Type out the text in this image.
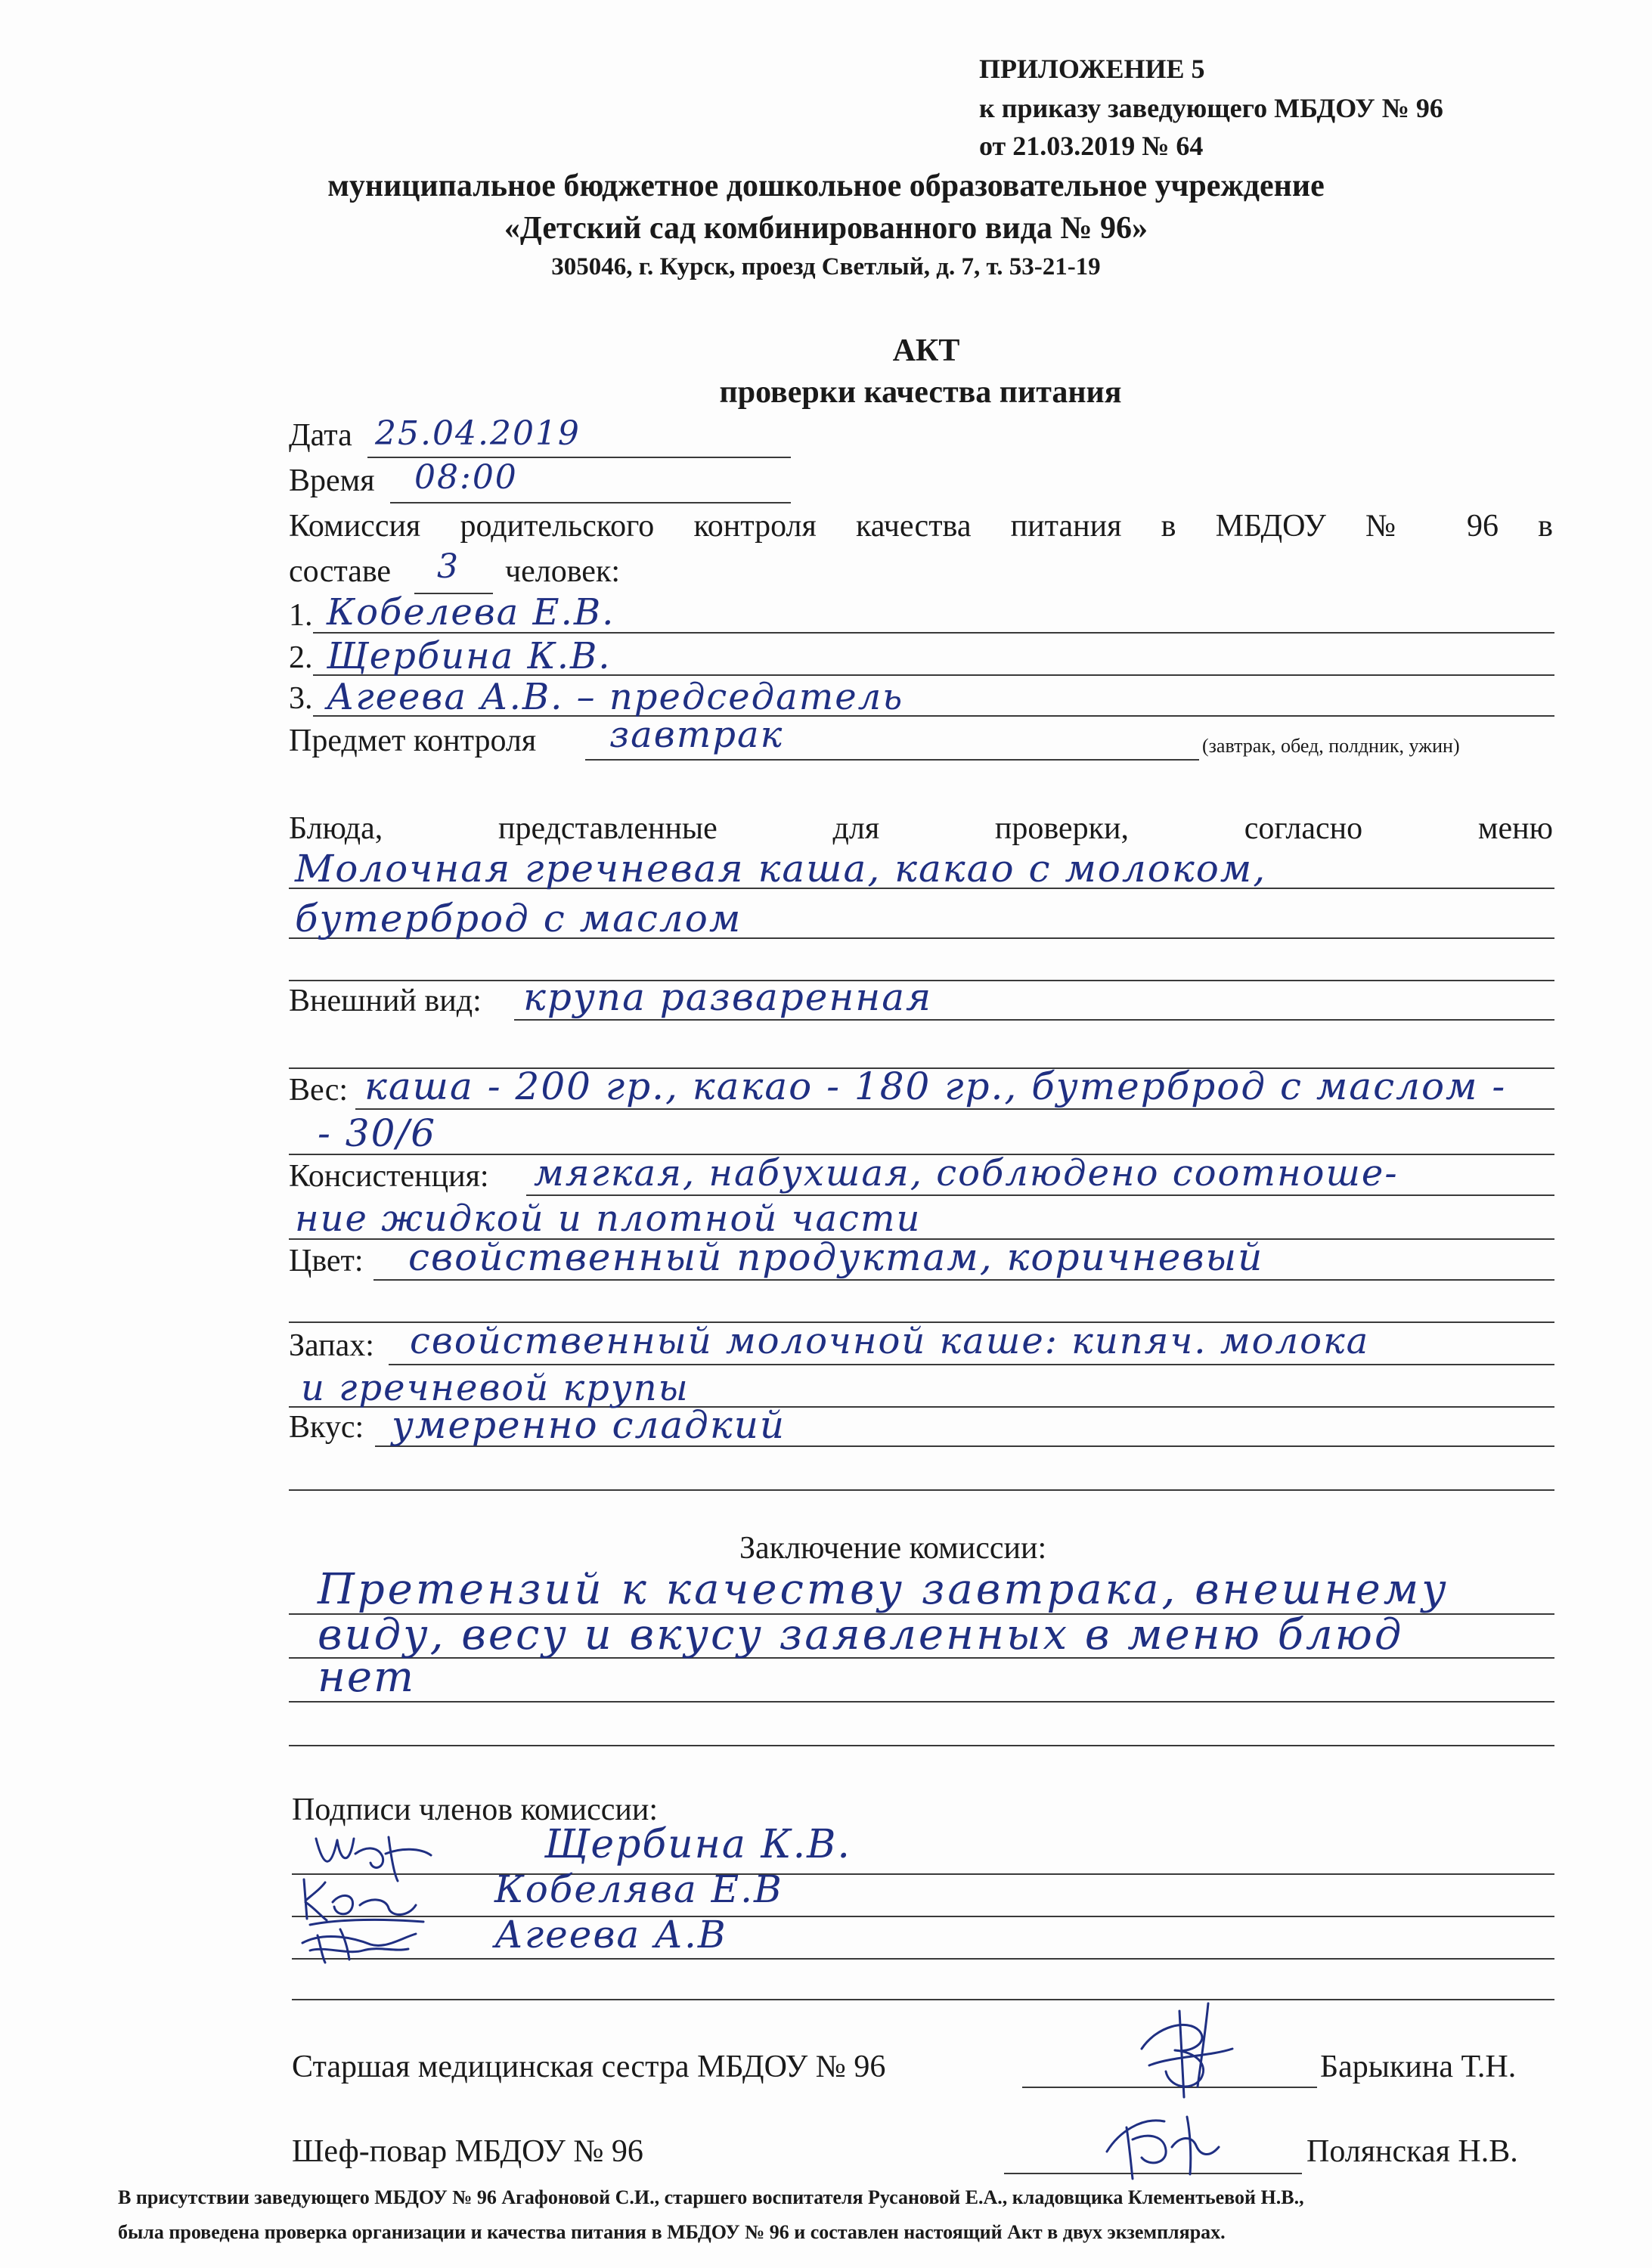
ПРИЛОЖЕНИЕ 5
к приказу заведующего МБДОУ № 96
от 21.03.2019 № 64
муниципальное бюджетное дошкольное образовательное учреждение
«Детский сад комбинированного вида № 96»
305046, г. Курск, проезд Светлый, д. 7, т. 53-21-19
АКТ
проверки качества питания
Дата 25.04.2019
Время 08:00
Комиссия родительского контроля качества питания в МБДОУ № 96 в
составе 3 человек:
1. Кобелева Е.В.
2. Щербина К.В.
3. Агеева А.В. – председатель
Предмет контроля завтрак	(завтрак, обед, полдник, ужин)
Блюда,	представленные	для	проверки,	согласно	меню
Молочная гречневая каша, какао с молоком,
бутерброд с маслом
Внешний вид: крупа разваренная
Вес: каша - 200 гр., какао - 180 гр., бутерброд с маслом -
- 30/6
Консистенция: мягкая, набухшая, соблюдено соотноше-
ние жидкой и плотной части
Цвет: свойственный продуктам, коричневый
Запах: свойственный молочной каше: кипяч. молока
и гречневой крупы
Вкус: умеренно сладкий
Заключение комиссии:
Претензий к качеству завтрака, внешнему
виду, весу и вкусу заявленных в меню блюд
нет
Подписи членов комиссии:
Щербина К.В.
Кобелява Е.В
Агеева А.В
Старшая медицинская сестра МБДОУ № 96	Барыкина Т.Н.
Шеф-повар МБДОУ № 96	Полянская Н.В.
В присутствии заведующего МБДОУ № 96 Агафоновой С.И., старшего воспитателя Русановой Е.А., кладовщика Клементьевой Н.В.,
была проведена проверка организации и качества питания в МБДОУ № 96 и составлен настоящий Акт в двух экземплярах.
